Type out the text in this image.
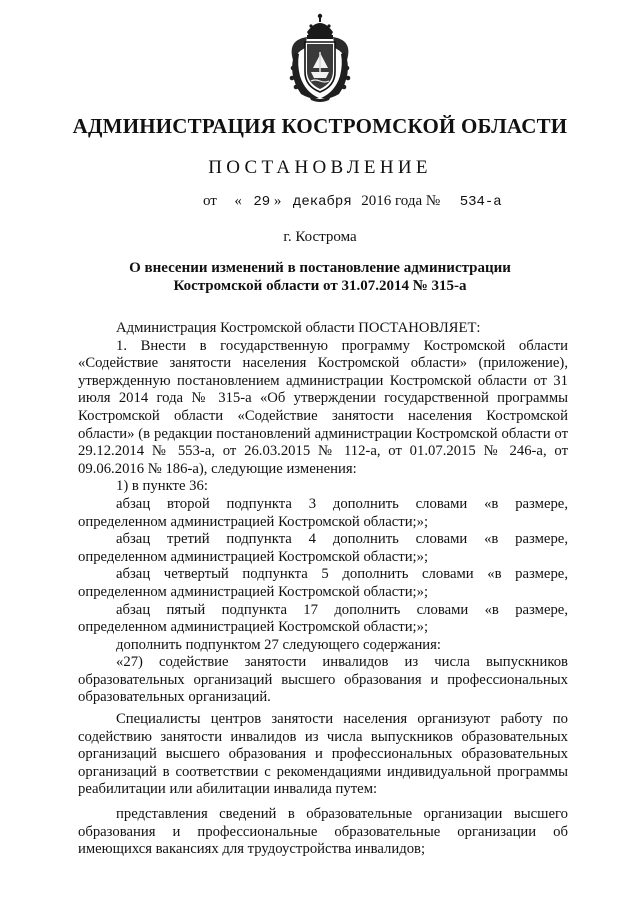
АДМИНИСТРАЦИЯ КОСТРОМСКОЙ ОБЛАСТИ
ПОСТАНОВЛЕНИЕ
от « 29 » декабря 2016 года № 534-а
г. Кострома
О внесении изменений в постановление администрации
Костромской области от 31.07.2014 № 315-а

Администрация Костромской области ПОСТАНОВЛЯЕТ:

1. Внести в государственную программу Костромской области «Содействие занятости населения Костромской области» (приложение), утвержденную постановлением администрации Костромской области от 31 июля 2014 года № 315-а «Об утверждении государственной программы Костромской области «Содействие занятости населения Костромской области» (в редакции постановлений администрации Костромской области от 29.12.2014 № 553-а, от 26.03.2015 № 112-а, от 01.07.2015 № 246-а, от 09.06.2016 № 186-а), следующие изменения:

1) в пункте 36:

абзац второй подпункта 3 дополнить словами «в размере, определенном администрацией Костромской области;»;

абзац третий подпункта 4 дополнить словами «в размере, определенном администрацией Костромской области;»;

абзац четвертый подпункта 5 дополнить словами «в размере, определенном администрацией Костромской области;»;

абзац пятый подпункта 17 дополнить словами «в размере, определенном администрацией Костромской области;»;

дополнить подпунктом 27 следующего содержания:

«27) содействие занятости инвалидов из числа выпускников образовательных организаций высшего образования и профессиональных образовательных организаций.

Специалисты центров занятости населения организуют работу по содействию занятости инвалидов из числа выпускников образовательных организаций высшего образования и профессиональных образовательных организаций в соответствии с рекомендациями индивидуальной программы реабилитации или абилитации инвалида путем:

представления сведений в образовательные организации высшего образования и профессиональные образовательные организации об имеющихся вакансиях для трудоустройства инвалидов;
